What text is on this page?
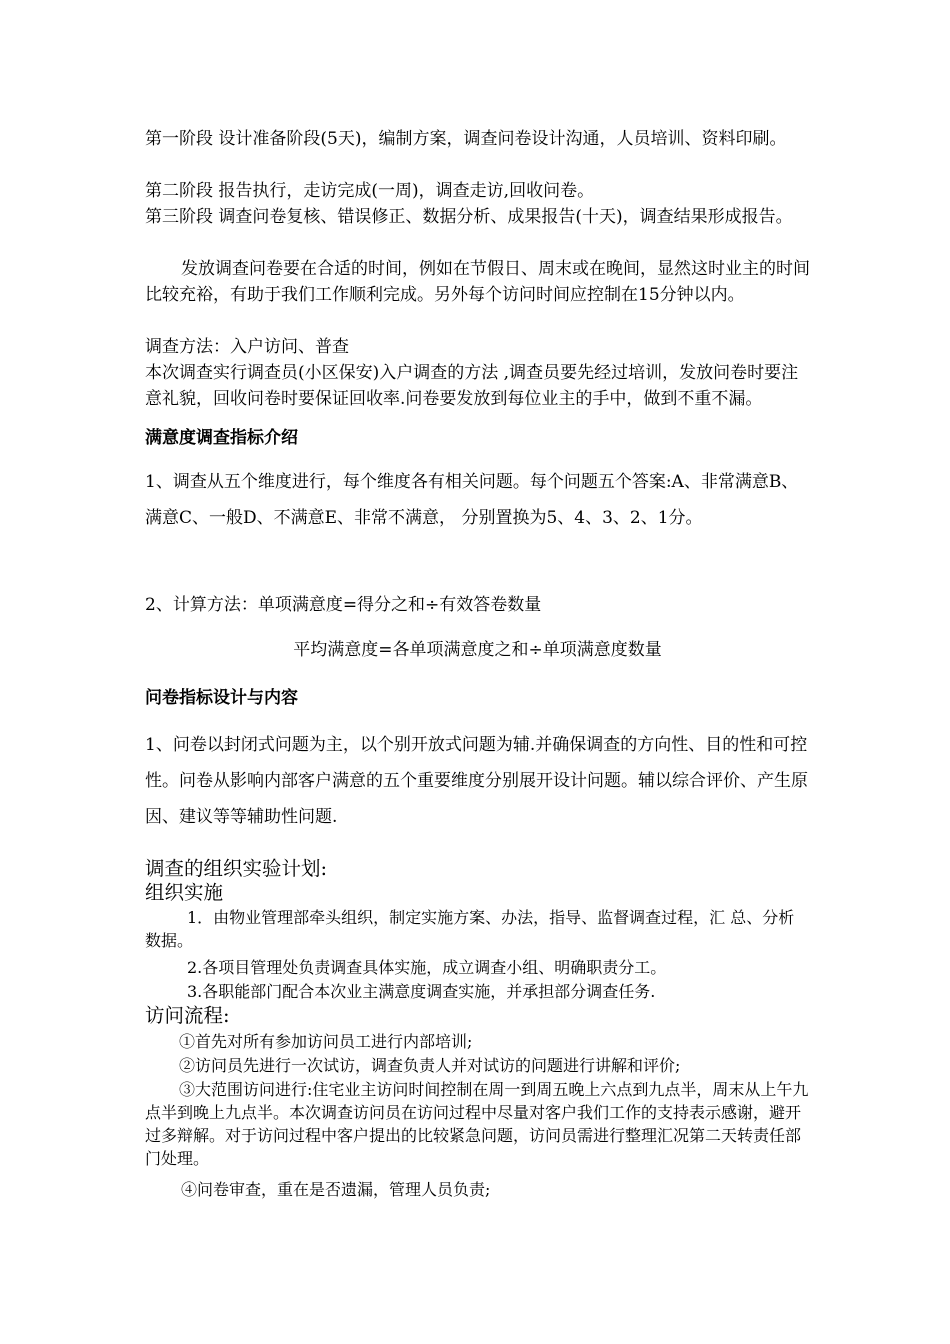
第一阶段 设计准备阶段(5天)，编制方案，调查问卷设计沟通，人员培训、资料印刷。

第二阶段 报告执行，走访完成(一周)，调查走访,回收问卷。

第三阶段 调查问卷复核、错误修正、数据分析、成果报告(十天)，调查结果形成报告。

发放调查问卷要在合适的时间，例如在节假日、周末或在晚间，显然这时业主的时间比较充裕，有助于我们工作顺利完成。另外每个访问时间应控制在15分钟以内。

调查方法：入户访问、普查

本次调查实行调查员(小区保安)入户调查的方法 ,调查员要先经过培训，发放问卷时要注意礼貌，回收问卷时要保证回收率.问卷要发放到每位业主的手中，做到不重不漏。

满意度调查指标介绍

1、调查从五个维度进行，每个维度各有相关问题。每个问题五个答案:A、非常满意B、满意C、一般D、不满意E、非常不满意， 分别置换为5、4、3、2、1分。

2、计算方法：单项满意度=得分之和÷有效答卷数量

平均满意度=各单项满意度之和÷单项满意度数量

问卷指标设计与内容

1、问卷以封闭式问题为主，以个别开放式问题为辅.并确保调查的方向性、目的性和可控性。问卷从影响内部客户满意的五个重要维度分别展开设计问题。辅以综合评价、产生原因、建议等等辅助性问题.

调查的组织实验计划:

组织实施

1．由物业管理部牵头组织，制定实施方案、办法，指导、监督调查过程，汇 总、分析数据。

2.各项目管理处负责调查具体实施，成立调查小组、明确职责分工。

3.各职能部门配合本次业主满意度调查实施，并承担部分调查任务.

访问流程:

①首先对所有参加访问员工进行内部培训;

②访问员先进行一次试访，调查负责人并对试访的问题进行讲解和评价;

③大范围访问进行:住宅业主访问时间控制在周一到周五晚上六点到九点半，周末从上午九点半到晚上九点半。本次调查访问员在访问过程中尽量对客户我们工作的支持表示感谢，避开过多辩解。对于访问过程中客户提出的比较紧急问题，访问员需进行整理汇况第二天转责任部门处理。

④问卷审查，重在是否遗漏，管理人员负责;
